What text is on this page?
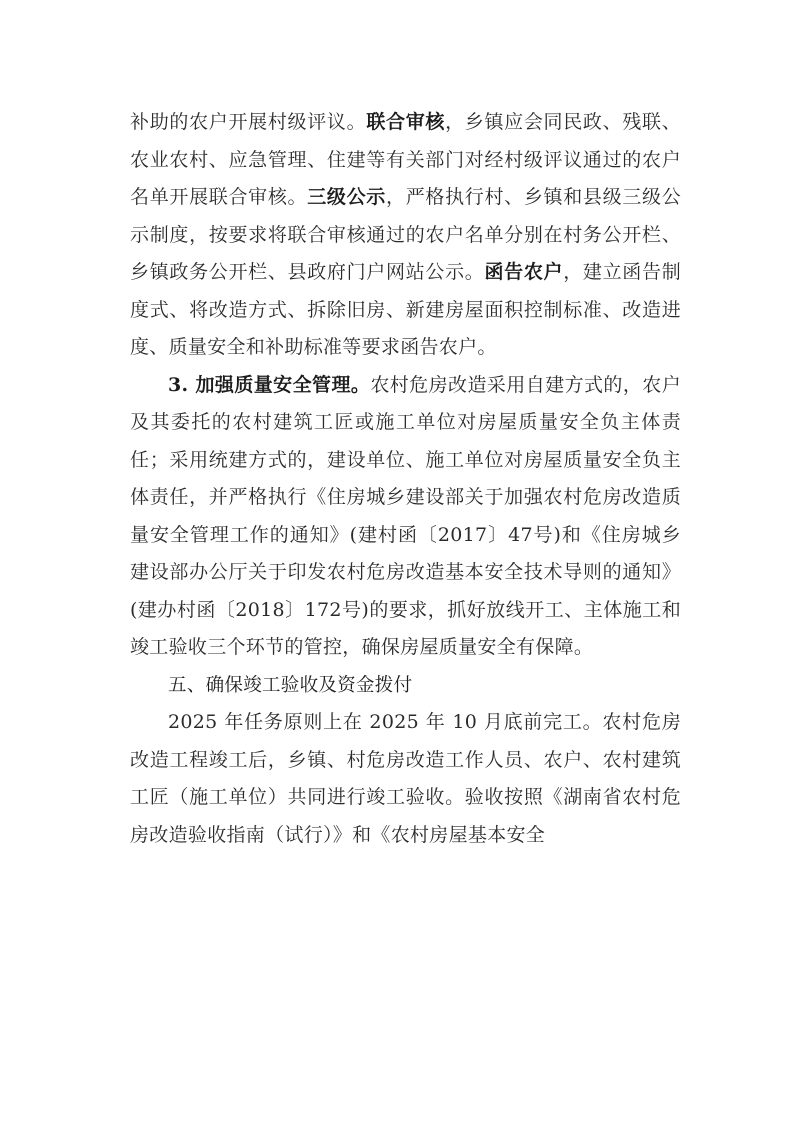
补助的农户开展村级评议。联合审核，乡镇应会同民政、残联、农业农村、应急管理、住建等有关部门对经村级评议通过的农户名单开展联合审核。三级公示，严格执行村、乡镇和县级三级公示制度，按要求将联合审核通过的农户名单分别在村务公开栏、乡镇政务公开栏、县政府门户网站公示。函告农户，建立函告制度式、将改造方式、拆除旧房、新建房屋面积控制标准、改造进度、质量安全和补助标准等要求函告农户。

3. 加强质量安全管理。农村危房改造采用自建方式的，农户及其委托的农村建筑工匠或施工单位对房屋质量安全负主体责任；采用统建方式的，建设单位、施工单位对房屋质量安全负主体责任，并严格执行《住房城乡建设部关于加强农村危房改造质量安全管理工作的通知》(建村函〔2017〕47号)和《住房城乡建设部办公厅关于印发农村危房改造基本安全技术导则的通知》(建办村函〔2018〕172号)的要求，抓好放线开工、主体施工和竣工验收三个环节的管控，确保房屋质量安全有保障。

五、确保竣工验收及资金拨付

2025 年任务原则上在 2025 年 10 月底前完工。农村危房改造工程竣工后，乡镇、村危房改造工作人员、农户、农村建筑工匠（施工单位）共同进行竣工验收。验收按照《湖南省农村危房改造验收指南（试行）》和《农村房屋基本安全
